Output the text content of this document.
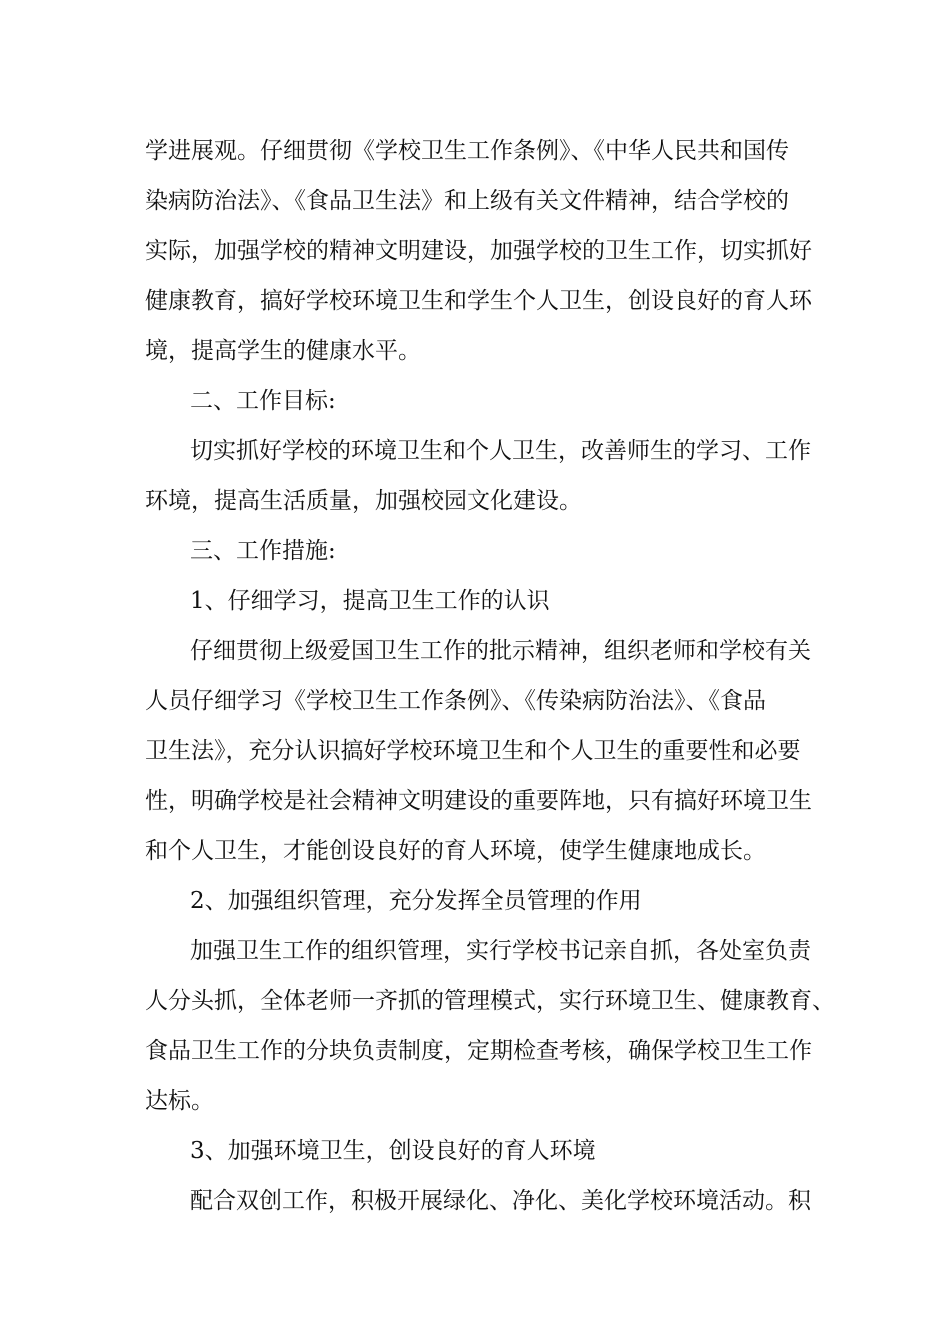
学进展观。仔细贯彻《学校卫生工作条例》、《中华人民共和国传
染病防治法》、《食品卫生法》和上级有关文件精神，结合学校的
实际，加强学校的精神文明建设，加强学校的卫生工作，切实抓好
健康教育，搞好学校环境卫生和学生个人卫生，创设良好的育人环
境，提高学生的健康水平。
二、工作目标:
切实抓好学校的环境卫生和个人卫生，改善师生的学习、工作
环境，提高生活质量，加强校园文化建设。
三、工作措施:
1、仔细学习，提高卫生工作的认识
仔细贯彻上级爱国卫生工作的批示精神，组织老师和学校有关
人员仔细学习《学校卫生工作条例》、《传染病防治法》、《食品
卫生法》，充分认识搞好学校环境卫生和个人卫生的重要性和必要
性，明确学校是社会精神文明建设的重要阵地，只有搞好环境卫生
和个人卫生，才能创设良好的育人环境，使学生健康地成长。
2、加强组织管理，充分发挥全员管理的作用
加强卫生工作的组织管理，实行学校书记亲自抓，各处室负责
人分头抓，全体老师一齐抓的管理模式，实行环境卫生、健康教育、
食品卫生工作的分块负责制度，定期检查考核，确保学校卫生工作
达标。
3、加强环境卫生，创设良好的育人环境
配合双创工作，积极开展绿化、净化、美化学校环境活动。积
